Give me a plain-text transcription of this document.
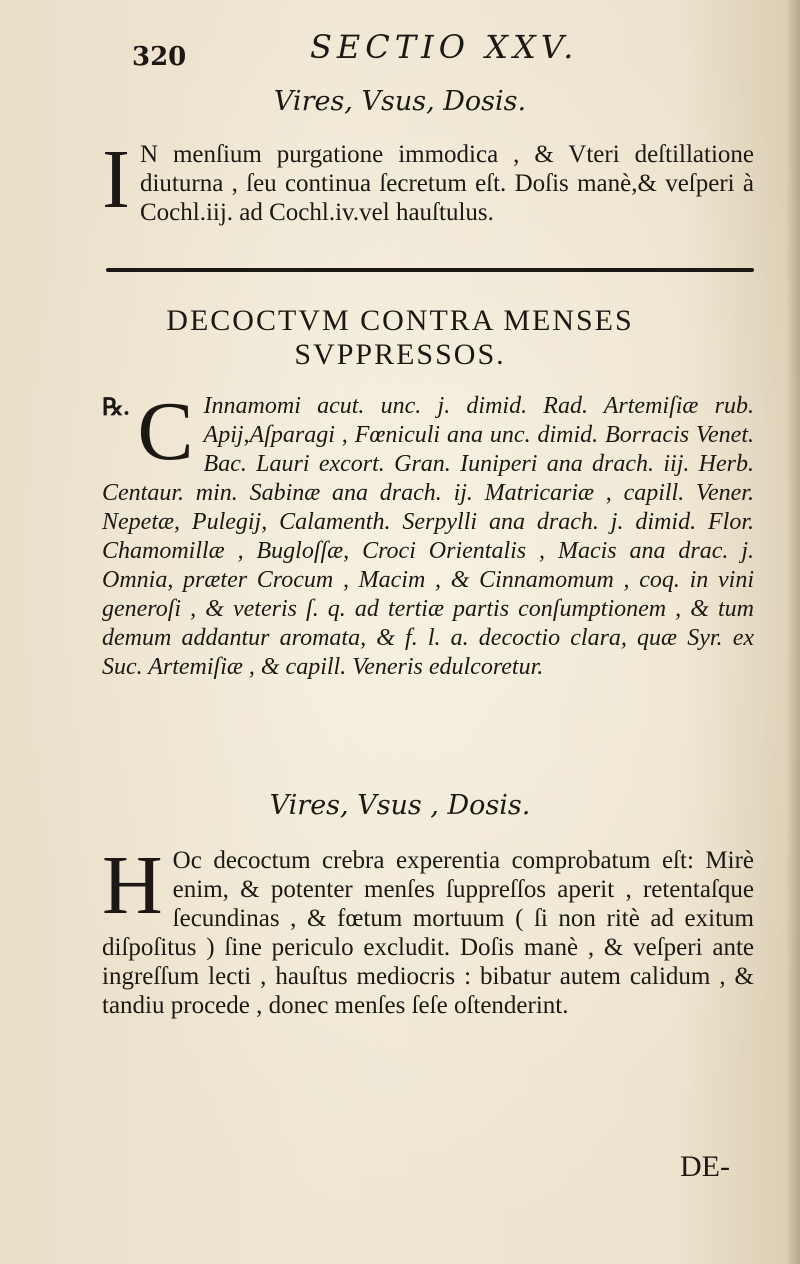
320	SECTIO XXV.
Vires, Vsus, Dosis.
I N menſium purgatione immodica , & Vteri deſtillatione diuturna , ſeu continua ſecretum eſt. Doſis manè,& veſperi à Cochl.iij. ad Cochl.iv.vel hauſtulus.
DECOCTVM CONTRA MENSES
SVPPRESSOS.
℞. C Innamomi acut. unc. j. dimid. Rad. Artemiſiæ rub. Apij,Aſparagi , Fœniculi ana unc. dimid. Borracis Venet. Bac. Lauri excort. Gran. Iuniperi ana drach. iij. Herb. Centaur. min. Sabinæ ana drach. ij. Matricariæ , capill. Vener. Nepetæ, Pulegij, Calamenth. Serpylli ana drach. j. dimid. Flor. Chamomillæ , Bugloſſæ, Croci Orientalis , Macis ana drac. j. Omnia, præter Crocum , Macim , & Cinnamomum , coq. in vini generoſi , & veteris ſ. q. ad tertiæ partis conſumptionem , & tum demum addantur aromata, & f. l. a. decoctio clara, quæ Syr. ex Suc. Artemiſiæ , & capill. Veneris edulcoretur.
Vires, Vsus , Dosis.
H Oc decoctum crebra experentia comprobatum eſt: Mirè enim, & potenter menſes ſuppreſſos aperit , retentaſque ſecundinas , & fœtum mortuum ( ſi non ritè ad exitum diſpoſitus ) ſine periculo excludit. Doſis manè , & veſperi ante ingreſſum lecti , hauſtus mediocris : bibatur autem calidum , & tandiu procede , donec menſes ſeſe oſtenderint.
DE-
